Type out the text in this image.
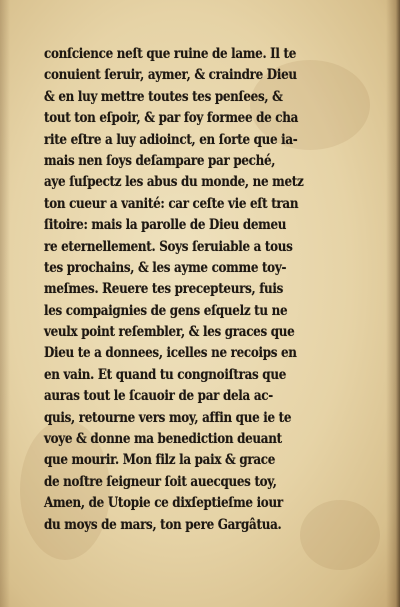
conſcience neſt que ruine de lame. Il te
conuient ſeruir, aymer, & craindre Dieu
& en luy mettre toutes tes penſees, &
tout ton eſpoir, & par foy formee de cha
rite eſtre a luy adioinct, en ſorte que ia-
mais nen ſoys deſampare par peché,
aye ſuſpectz les abus du monde, ne metz
ton cueur a vanité: car ceſte vie eſt tran
ſitoire: mais la parolle de Dieu demeu
re eternellement. Soys ſeruiable a tous
tes prochains, & les ayme comme toy-
meſmes. Reuere tes precepteurs, fuis
les compaignies de gens eſquelz tu ne
veulx point reſembler, & les graces que
Dieu te a donnees, icelles ne recoips en
en vain. Et quand tu congnoiſtras que
auras tout le ſcauoir de par dela ac-
quis, retourne vers moy, affin que ie te
voye & donne ma benediction deuant
que mourir. Mon filz la paix & grace
de noſtre ſeigneur ſoit auecques toy,
Amen, de Utopie ce dixſeptieſme iour
du moys de mars, ton pere Gargâtua.
